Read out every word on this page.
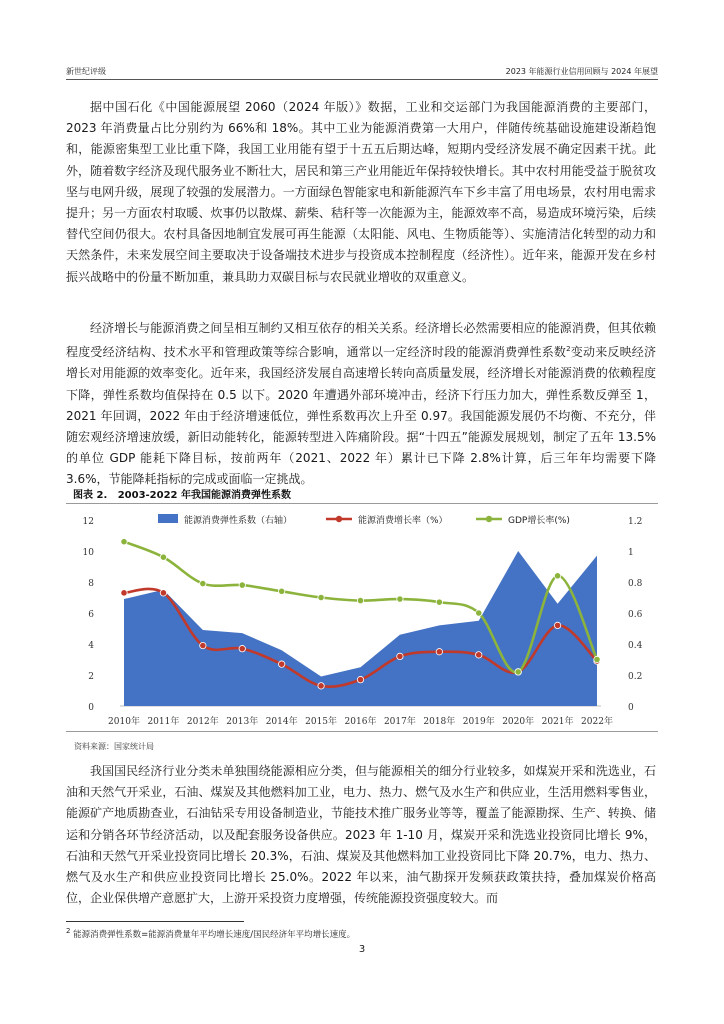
新世纪评级	2023 年能源行业信用回顾与 2024 年展望

据中国石化《中国能源展望 2060（2024 年版）》数据，工业和交运部门为我国能源消费的主要部门，2023 年消费量占比分别约为 66%和 18%。其中工业为能源消费第一大用户，伴随传统基础设施建设渐趋饱和，能源密集型工业比重下降，我国工业用能有望于十五五后期达峰，短期内受经济发展不确定因素干扰。此外，随着数字经济及现代服务业不断壮大，居民和第三产业用能近年保持较快增长。其中农村用能受益于脱贫攻坚与电网升级，展现了较强的发展潜力。一方面绿色智能家电和新能源汽车下乡丰富了用电场景，农村用电需求提升；另一方面农村取暖、炊事仍以散煤、薪柴、秸秆等一次能源为主，能源效率不高，易造成环境污染，后续替代空间仍很大。农村具备因地制宜发展可再生能源（太阳能、风电、生物质能等）、实施清洁化转型的动力和天然条件，未来发展空间主要取决于设备端技术进步与投资成本控制程度（经济性）。近年来，能源开发在乡村振兴战略中的份量不断加重，兼具助力双碳目标与农民就业增收的双重意义。

经济增长与能源消费之间呈相互制约又相互依存的相关关系。经济增长必然需要相应的能源消费，但其依赖程度受经济结构、技术水平和管理政策等综合影响，通常以一定经济时段的能源消费弹性系数$^2$变动来反映经济增长对用能源的效率变化。近年来，我国经济发展自高速增长转向高质量发展，经济增长对能源消费的依赖程度下降，弹性系数均值保持在 0.5 以下。2020 年遭遇外部环境冲击，经济下行压力加大，弹性系数反弹至 1，2021 年回调，2022 年由于经济增速低位，弹性系数再次上升至 0.97。我国能源发展仍不均衡、不充分，伴随宏观经济增速放缓，新旧动能转化，能源转型进入阵痛阶段。据“十四五”能源发展规划，制定了五年 13.5%的单位 GDP 能耗下降目标，按前两年（2021、2022 年）累计已下降 2.8%计算，后三年年均需要下降 3.6%，节能降耗指标的完成或面临一定挑战。

图表 2. 2003-2022 年我国能源消费弹性系数
0
2
4
6
8
10
12
0
0.2
0.4
0.6
0.8
1
1.2
2010年 2011年 2012年 2013年 2014年 2015年 2016年 2017年 2018年 2019年 2020年 2021年 2022年
能源消费弹性系数（右轴）	能源消费增长率（%）	GDP增长率(%)
资料来源：国家统计局

我国国民经济行业分类未单独围绕能源相应分类，但与能源相关的细分行业较多，如煤炭开采和洗选业，石油和天然气开采业，石油、煤炭及其他燃料加工业，电力、热力、燃气及水生产和供应业，生活用燃料零售业，能源矿产地质勘查业，石油钻采专用设备制造业，节能技术推广服务业等等，覆盖了能源勘探、生产、转换、储运和分销各环节经济活动，以及配套服务设备供应。2023 年 1-10 月，煤炭开采和洗选业投资同比增长 9%，石油和天然气开采业投资同比增长 20.3%，石油、煤炭及其他燃料加工业投资同比下降 20.7%，电力、热力、燃气及水生产和供应业投资同比增长 25.0%。2022 年以来，油气勘探开发频获政策扶持，叠加煤炭价格高位，企业保供增产意愿扩大，上游开采投资力度增强，传统能源投资强度较大。而

$^2$ 能源消费弹性系数=能源消费量年平均增长速度/国民经济年平均增长速度。
3
